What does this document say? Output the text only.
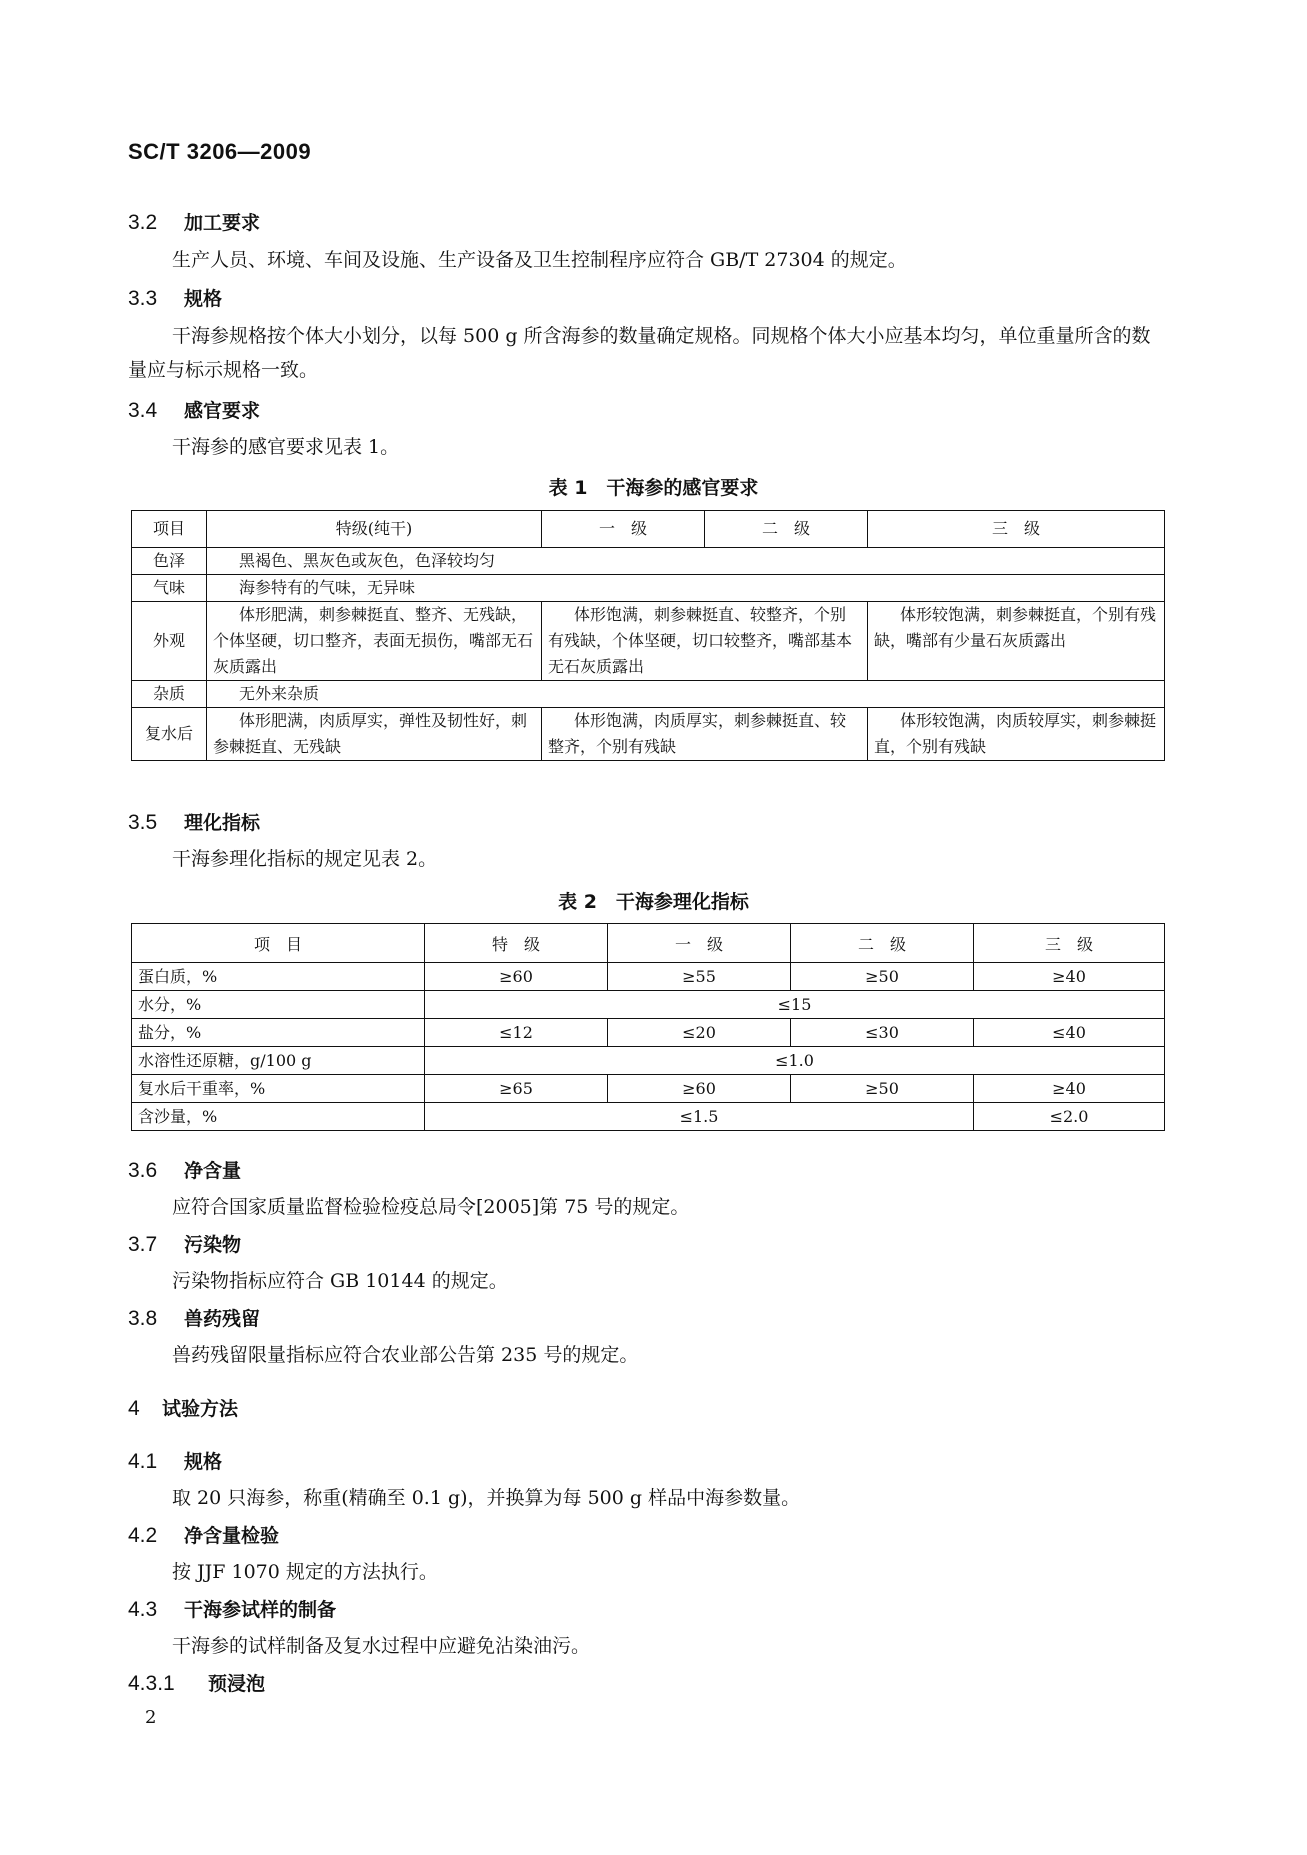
SC/T 3206—2009
3.2 加工要求
生产人员、环境、车间及设施、生产设备及卫生控制程序应符合 GB/T 27304 的规定。
3.3 规格
干海参规格按个体大小划分，以每 500 g 所含海参的数量确定规格。同规格个体大小应基本均匀，单位重量所含的数量应与标示规格一致。
3.4 感官要求
干海参的感官要求见表 1。
表 1　干海参的感官要求
项目	特级(纯干)	一　级	二　级	三　级
色泽	黑褐色、黑灰色或灰色，色泽较均匀			
气味	海参特有的气味，无异味			
外观	体形肥满，刺参棘挺直、整齐、无残缺，个体坚硬，切口整齐，表面无损伤，嘴部无石灰质露出	体形饱满，刺参棘挺直、较整齐，个别有残缺，个体坚硬，切口较整齐，嘴部基本无石灰质露出		体形较饱满，刺参棘挺直，个别有残缺，嘴部有少量石灰质露出
杂质	无外来杂质			
复水后	体形肥满，肉质厚实，弹性及韧性好，刺参棘挺直、无残缺	体形饱满，肉质厚实，刺参棘挺直、较整齐，个别有残缺		体形较饱满，肉质较厚实，刺参棘挺直，个别有残缺
3.5 理化指标
干海参理化指标的规定见表 2。
表 2　干海参理化指标
项　目	特　级	一　级	二　级	三　级
蛋白质，%	≥60	≥55	≥50	≥40
水分，%	≤15			
盐分，%	≤12	≤20	≤30	≤40
水溶性还原糖，g/100 g	≤1.0			
复水后干重率，%	≥65	≥60	≥50	≥40
含沙量，%	≤1.5			≤2.0
3.6 净含量
应符合国家质量监督检验检疫总局令[2005]第 75 号的规定。
3.7 污染物
污染物指标应符合 GB 10144 的规定。
3.8 兽药残留
兽药残留限量指标应符合农业部公告第 235 号的规定。
4 试验方法
4.1 规格
取 20 只海参，称重(精确至 0.1 g)，并换算为每 500 g 样品中海参数量。
4.2 净含量检验
按 JJF 1070 规定的方法执行。
4.3 干海参试样的制备
干海参的试样制备及复水过程中应避免沾染油污。
4.3.1 预浸泡
2
